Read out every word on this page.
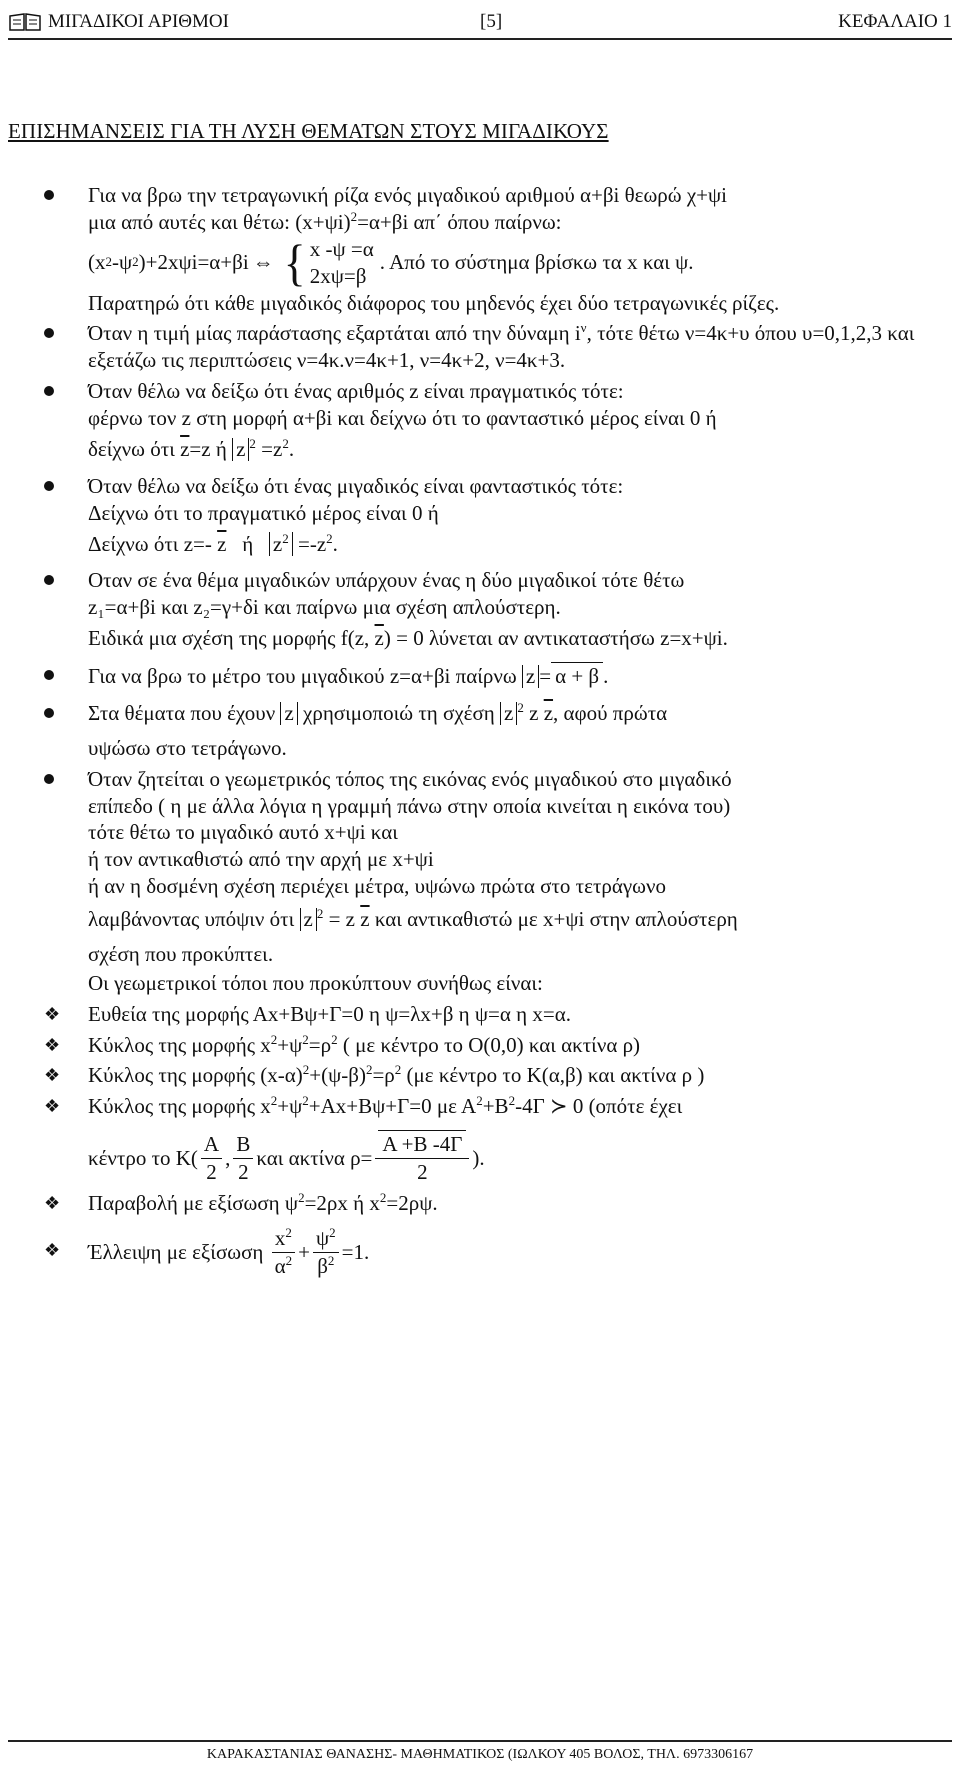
ΜΙΓΑΔΙΚΟΙ ΑΡΙΘΜΟΙ	[5]	ΚΕΦΑΛΑΙΟ 1
ΕΠΙΣΗΜΑΝΣΕΙΣ ΓΙΑ ΤΗ ΛΥΣΗ ΘΕΜΑΤΩΝ ΣΤΟΥΣ ΜΙΓΑΔΙΚΟΥΣ

Για να βρω την τετραγωνική ρίζα ενός μιγαδικού αριθμού α+βi θεωρώ χ+ψi

μια από αυτές και θέτω: $(x+\psi i)^2=\alpha+\beta i$ απ΄ όπου παίρνω:

(x 2 -ψ 2 )+2xψi=α+βi ⇔ { x -ψ =α
2xψ=β
. Από το σύστημα βρίσκω τα x και ψ.

Παρατηρώ ότι κάθε μιγαδικός διάφορος του μηδενός έχει δύο τετραγωνικές ρίζες.

Όταν η τιμή μίας παράστασης εξαρτάται από την δύναμη $i^\nu$, τότε θέτω ν=4κ+υ όπου υ=0,1,2,3 και εξετάζω τις περιπτώσεις ν=4κ.ν=4κ+1, ν=4κ+2, ν=4κ+3.

Όταν θέλω να δείξω ότι ένας αριθμός z είναι πραγματικός τότε:

φέρνω τον z στη μορφή α+βi και δείχνω ότι το φανταστικό μέρος είναι 0 ή

δείχνω ότι $\overline{z}=z$ ή z $^2 =z^2$.

Όταν θέλω να δείξω ότι ένας μιγαδικός είναι φανταστικός τότε:

Δείχνω ότι το πραγματικό μέρος είναι 0 ή

Δείχνω ότι z=- $\overline{z}$ ή $z^2 =-z^2$.

Οταν σε ένα θέμα μιγαδικών υπάρχουν ένας η δύο μιγαδικοί τότε θέτω

z₁=α+βi και z₂=γ+δi και παίρνω μια σχέση απλούστερη.

Ειδικά μια σχέση της μορφής f(z, $\overline{z}) = 0$ λύνεται αν αντικαταστήσω z=x+ψi.

Για να βρω το μέτρο του μιγαδικού z=α+βi παίρνω z = α + β .

Στα θέματα που έχουν z χρησιμοποιώ τη σχέση z $^2$ z $\overline{z}$, αφού πρώτα

υψώσω στο τετράγωνο.

Όταν ζητείται ο γεωμετρικός τόπος της εικόνας ενός μιγαδικού στο μιγαδικό

επίπεδο ( η με άλλα λόγια η γραμμή πάνω στην οποία κινείται η εικόνα του)

τότε θέτω το μιγαδικό αυτό x+ψi και

ή τον αντικαθιστώ από την αρχή με x+ψi

ή αν η δοσμένη σχέση περιέχει μέτρα, υψώνω πρώτα στο τετράγωνο

λαμβάνοντας υπόψιν ότι z $^2$ = z $\overline{z}$ και αντικαθιστώ με x+ψi στην απλούστερη

σχέση που προκύπτει.

Οι γεωμετρικοί τόποι που προκύπτουν συνήθως είναι:

❖ Ευθεία της μορφής Αx+Bψ+Γ=0 η ψ=λx+β η ψ=α η x=α.

❖ Κύκλος της μορφής $x^2+\psi^2=\rho^2$ ( με κέντρο το Ο(0,0) και ακτίνα ρ)

❖ Κύκλος της μορφής $(x-\alpha)^2+(\psi-\beta)^2=\rho^2$ (με κέντρο το Κ(α,β) και ακτίνα ρ )

❖ Κύκλος της μορφής $x^2+\psi^2+Ax+B\psi+\Gamma=0$ με $A^2+B^2-4\Gamma$ ≻ 0 (οπότε έχει

κέντρο το $K( \frac{A}{2}$ , $\frac{B}{2}$ και ακτίνα $\rho= \frac{A +B -4\Gamma}{2}$ ).

❖ Παραβολή με εξίσωση $\psi^2=2\rho x$ ή $x^2=2\rho\psi$.

❖ Έλλειψη με εξίσωση
$\frac{x^2}{\alpha^2} + \frac{\psi^2}{\beta^2} =1$.

ΚΑΡΑΚΑΣΤΑΝΙΑΣ ΘΑΝΑΣΗΣ- ΜΑΘΗΜΑΤΙΚΟΣ (ΙΩΛΚΟΥ 405 ΒΟΛΟΣ, ΤΗΛ. 6973306167
